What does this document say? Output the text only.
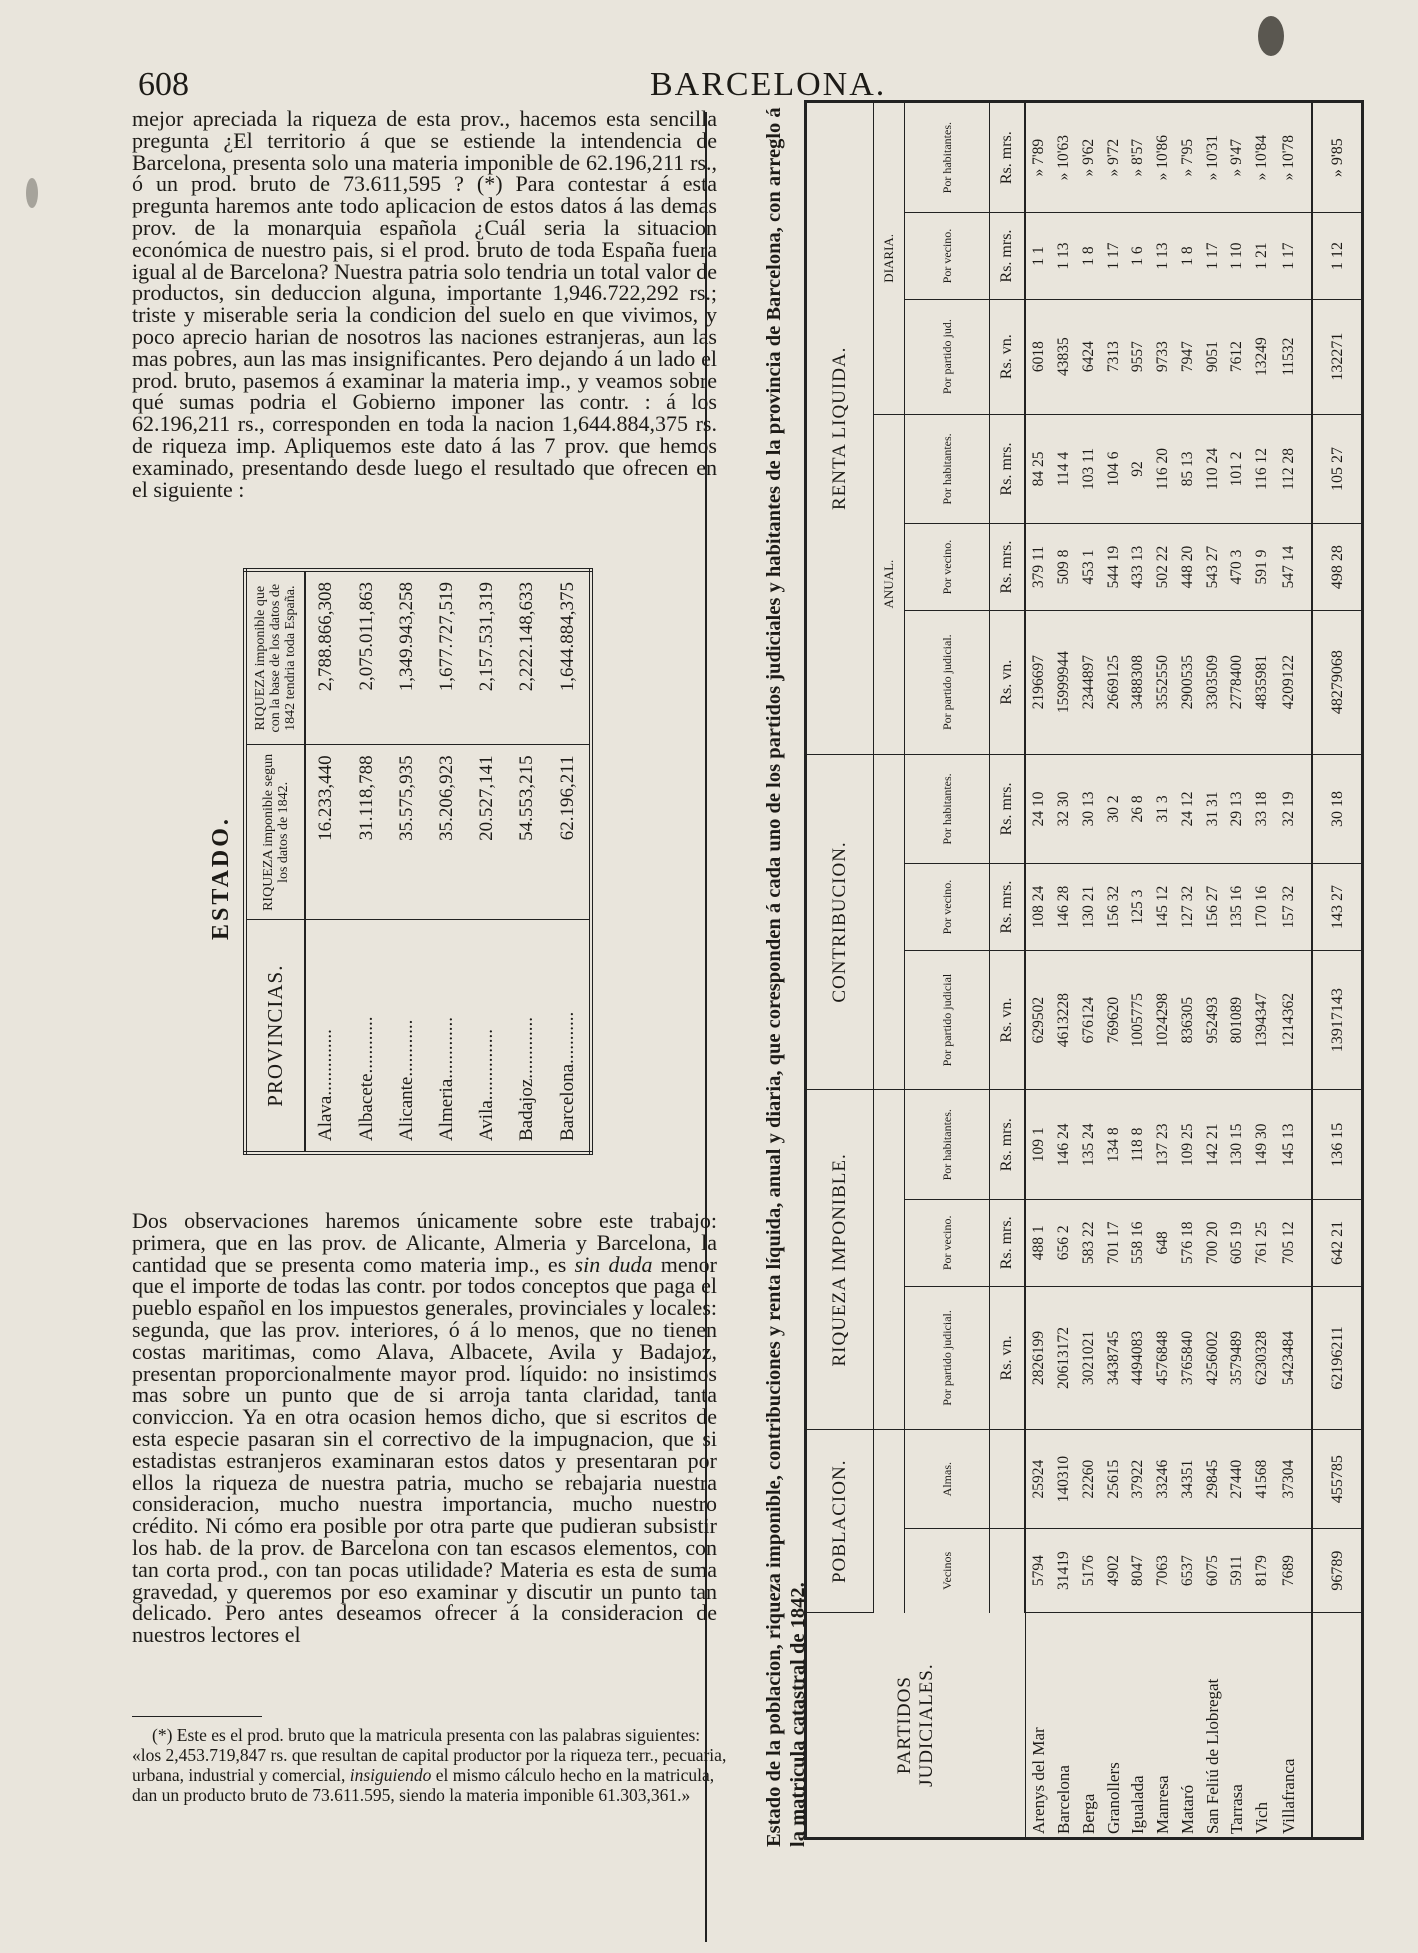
608	BARCELONA.

mejor apreciada la riqueza de esta prov., hacemos esta sencilla pregunta ¿El territorio á que se estiende la intendencia de Barcelona, presenta solo una materia imponible de 62.196,211 rs., ó un prod. bruto de 73.611,595 ? (*) Para contestar á esta pregunta haremos ante todo aplicacion de estos datos á las demas prov. de la monarquia española ¿Cuál seria la situacion económica de nuestro pais, si el prod. bruto de toda España fuera igual al de Barcelona? Nuestra patria solo tendria un total valor de productos, sin deduccion alguna, importante 1,946.722,292 rs.; triste y miserable seria la condicion del suelo en que vivimos, y poco aprecio harian de nosotros las naciones estranjeras, aun las mas pobres, aun las mas insignificantes. Pero dejando á un lado el prod. bruto, pasemos á examinar la materia imp., y veamos sobre qué sumas podria el Gobierno imponer las contr. : á los 62.196,211 rs., corresponden en toda la nacion 1,644.884,375 rs. de riqueza imp. Apliquemos este dato á las 7 prov. que hemos examinado, presentando desde luego el resultado que ofrecen en el siguiente :

ESTADO.
PROVINCIAS.	RIQUEZA imponible segun los datos de 1842.	RIQUEZA imponible que con la base de los datos de 1842 tendria toda España.
Alava..............	16.233,440	2,788.866,308
Albacete............	31.118,788	2,075.011,863
Alicante............	35.575,935	1,349.943,258
Almeria.............	35.206,923	1,677.727,519
Avila...............	20.527,141	2,157.531,319
Badajoz.............	54.553,215	2,222.148,633
Barcelona...........	62.196,211	1,644.884,375

Dos observaciones haremos únicamente sobre este trabajo: primera, que en las prov. de Alicante, Almeria y Barcelona, la cantidad que se presenta como materia imp., es sin duda menor que el importe de todas las contr. por todos conceptos que paga el pueblo español en los impuestos generales, provinciales y locales: segunda, que las prov. interiores, ó á lo menos, que no tienen costas maritimas, como Alava, Albacete, Avila y Badajoz, presentan proporcionalmente mayor prod. líquido: no insistimos mas sobre un punto que de si arroja tanta claridad, tanta conviccion. Ya en otra ocasion hemos dicho, que si escritos de esta especie pasaran sin el correctivo de la impugnacion, que si estadistas estranjeros examinaran estos datos y presentaran por ellos la riqueza de nuestra patria, mucho se rebajaria nuestra consideracion, mucho nuestra importancia, mucho nuestro crédito. Ni cómo era posible por otra parte que pudieran subsistir los hab. de la prov. de Barcelona con tan escasos elementos, con tan corta prod., con tan pocas utilidade? Materia es esta de suma gravedad, y queremos por eso examinar y discutir un punto tan delicado. Pero antes deseamos ofrecer á la consideracion de nuestros lectores el

(*) Este es el prod. bruto que la matricula presenta con las palabras siguientes: «los 2,453.719,847 rs. que resultan de capital productor por la riqueza terr., pecuaria, urbana, industrial y comercial, insiguiendo el mismo cálculo hecho en la matricula, dan un producto bruto de 73.611.595, siendo la materia imponible 61.303,361.»	Estado de la poblacion, riqueza imponible, contribuciones y renta líquida, anual y diaria, que coresponden á cada uno de los partidos judiciales y habitantes de la provincia de Barcelona, con arreglo á la matricula catastral de 1842.	PARTIDOS JUDICIALES.	POBLACION.		RIQUEZA IMPONIBLE.			CONTRIBUCION.			RENTA LIQUIDA.					
									ANUAL.			DIARIA.		
	Vecinos	Almas.	Por partido judicial.	Por vecino.	Por habitantes.	Por partido judicial	Por vecino.	Por habitantes.	Por partido judicial.	Por vecino.	Por habitantes.	Por partido jud.	Por vecino.	Por habitantes.
			Rs. vn.	Rs. mrs.	Rs. mrs.	Rs. vn.	Rs. mrs.	Rs. mrs.	Rs. vn.	Rs. mrs.	Rs. mrs.	Rs. vn.	Rs. mrs.	Rs. mrs.
Arenys del Mar	5794	25924	2826199	488 1	109 1	629502	108 24	24 10	2196697	379 11	84 25	6018	1 1	» 7'89
Barcelona	31419	140310	20613172	656 2	146 24	4613228	146 28	32 30	15999944	509 8	114 4	43835	1 13	» 10'63
Berga	5176	22260	3021021	583 22	135 24	676124	130 21	30 13	2344897	453 1	103 11	6424	1 8	» 9'62
Granollers	4902	25615	3438745	701 17	134 8	769620	156 32	30 2	2669125	544 19	104 6	7313	1 17	» 9'72
Igualada	8047	37922	4494083	558 16	118 8	1005775	125 3	26 8	3488308	433 13	92	9557	1 6	» 8'57
Manresa	7063	33246	4576848	648	137 23	1024298	145 12	31 3	3552550	502 22	116 20	9733	1 13	» 10'86
Mataró	6537	34351	3765840	576 18	109 25	836305	127 32	24 12	2900535	448 20	85 13	7947	1 8	» 7'95
San Feliú de Llobregat	6075	29845	4256002	700 20	142 21	952493	156 27	31 31	3303509	543 27	110 24	9051	1 17	» 10'31
Tarrasa	5911	27440	3579489	605 19	130 15	801089	135 16	29 13	2778400	470 3	101 2	7612	1 10	» 9'47
Vich	8179	41568	6230328	761 25	149 30	1394347	170 16	33 18	4835981	591 9	116 12	13249	1 21	» 10'84
Villafranca	7689	37304	5423484	705 12	145 13	1214362	157 32	32 19	4209122	547 14	112 28	11532	1 17	» 10'78
	96789	455785	62196211	642 21	136 15	13917143	143 27	30 18	48279068	498 28	105 27	132271	1 12	» 9'85
